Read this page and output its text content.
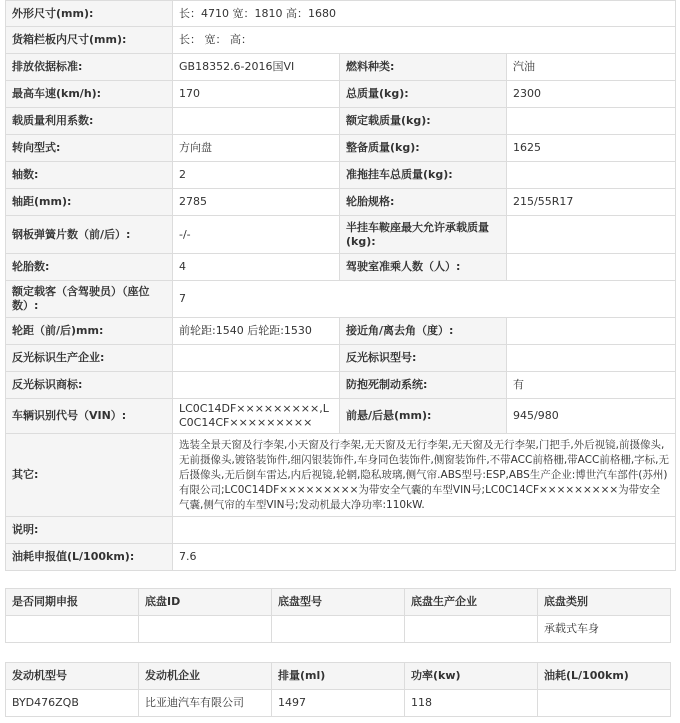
外形尺寸(mm):	长：4710 宽：1810 高：1680		
货箱栏板内尺寸(mm):	长： 宽： 高：		
排放依据标准:	GB18352.6-2016国VI	燃料种类:	汽油
最高车速(km/h):	170	总质量(kg):	2300
载质量利用系数:		额定载质量(kg):	
转向型式:	方向盘	整备质量(kg):	1625
轴数:	2	准拖挂车总质量(kg):	
轴距(mm):	2785	轮胎规格:	215/55R17
钢板弹簧片数（前/后）:	-/-	半挂车鞍座最大允许承载质量(kg):	
轮胎数:	4	驾驶室准乘人数（人）:	
额定载客（含驾驶员）（座位数）:	7		
轮距（前/后)mm:	前轮距:1540 后轮距:1530	接近角/离去角（度）:	
反光标识生产企业:		反光标识型号:	
反光标识商标:		防抱死制动系统:	有
车辆识别代号（VIN）:	LC0C14DF×××××××××,LC0C14CF×××××××××	前悬/后悬(mm):	945/980
其它:	选装全景天窗及行李架,小天窗及行李架,无天窗及无行李架,无天窗及无行李架,门把手,外后视镜,前摄像头,无前摄像头,镀铬装饰件,细闪银装饰件,车身同色装饰件,侧窗装饰件,不带ACC前格栅,带ACC前格栅,字标,无后摄像头,无后倒车雷达,内后视镜,轮辋,隐私玻璃,侧气帘.ABS型号:ESP,ABS生产企业:博世汽车部件(苏州)有限公司;LC0C14DF×××××××××为带安全气囊的车型VIN号;LC0C14CF×××××××××为带安全气囊,侧气帘的车型VIN号;发动机最大净功率:110kW.		
说明:			
油耗申报值(L/100km):	7.6		
是否同期申报	底盘ID	底盘型号	底盘生产企业	底盘类别
				承载式车身
发动机型号	发动机企业	排量(ml)	功率(kw)	油耗(L/100km)
BYD476ZQB	比亚迪汽车有限公司	1497	118	
